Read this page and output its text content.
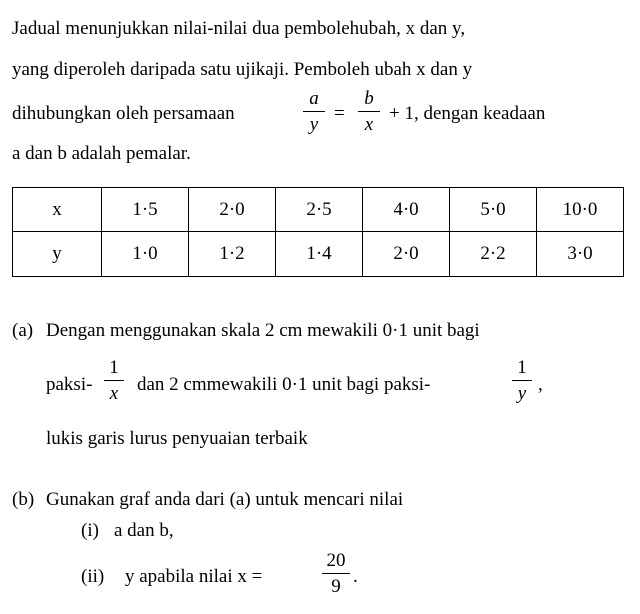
Jadual menunjukkan nilai-nilai dua pembolehubah, x dan y,
yang diperoleh daripada satu ujikaji. Pemboleh ubah x dan y
dihubungkan oleh persamaan
a
y
=
b
x
+ 1, dengan keadaan
a dan b adalah pemalar.
x	1·5	2·0	2·5	4·0	5·0	10·0
y	1·0	1·2	1·4	2·0	2·2	3·0
(a) Dengan menggunakan skala 2 cm mewakili 0·1 unit bagi
paksi-
1
x dan 2 cmmewakili 0·1 unit bagi paksi-
1
y ,
lukis garis lurus penyuaian terbaik
(b) Gunakan graf anda dari (a) untuk mencari nilai
(i) a dan b,
(ii) y apabila nilai x =
20
9 .
